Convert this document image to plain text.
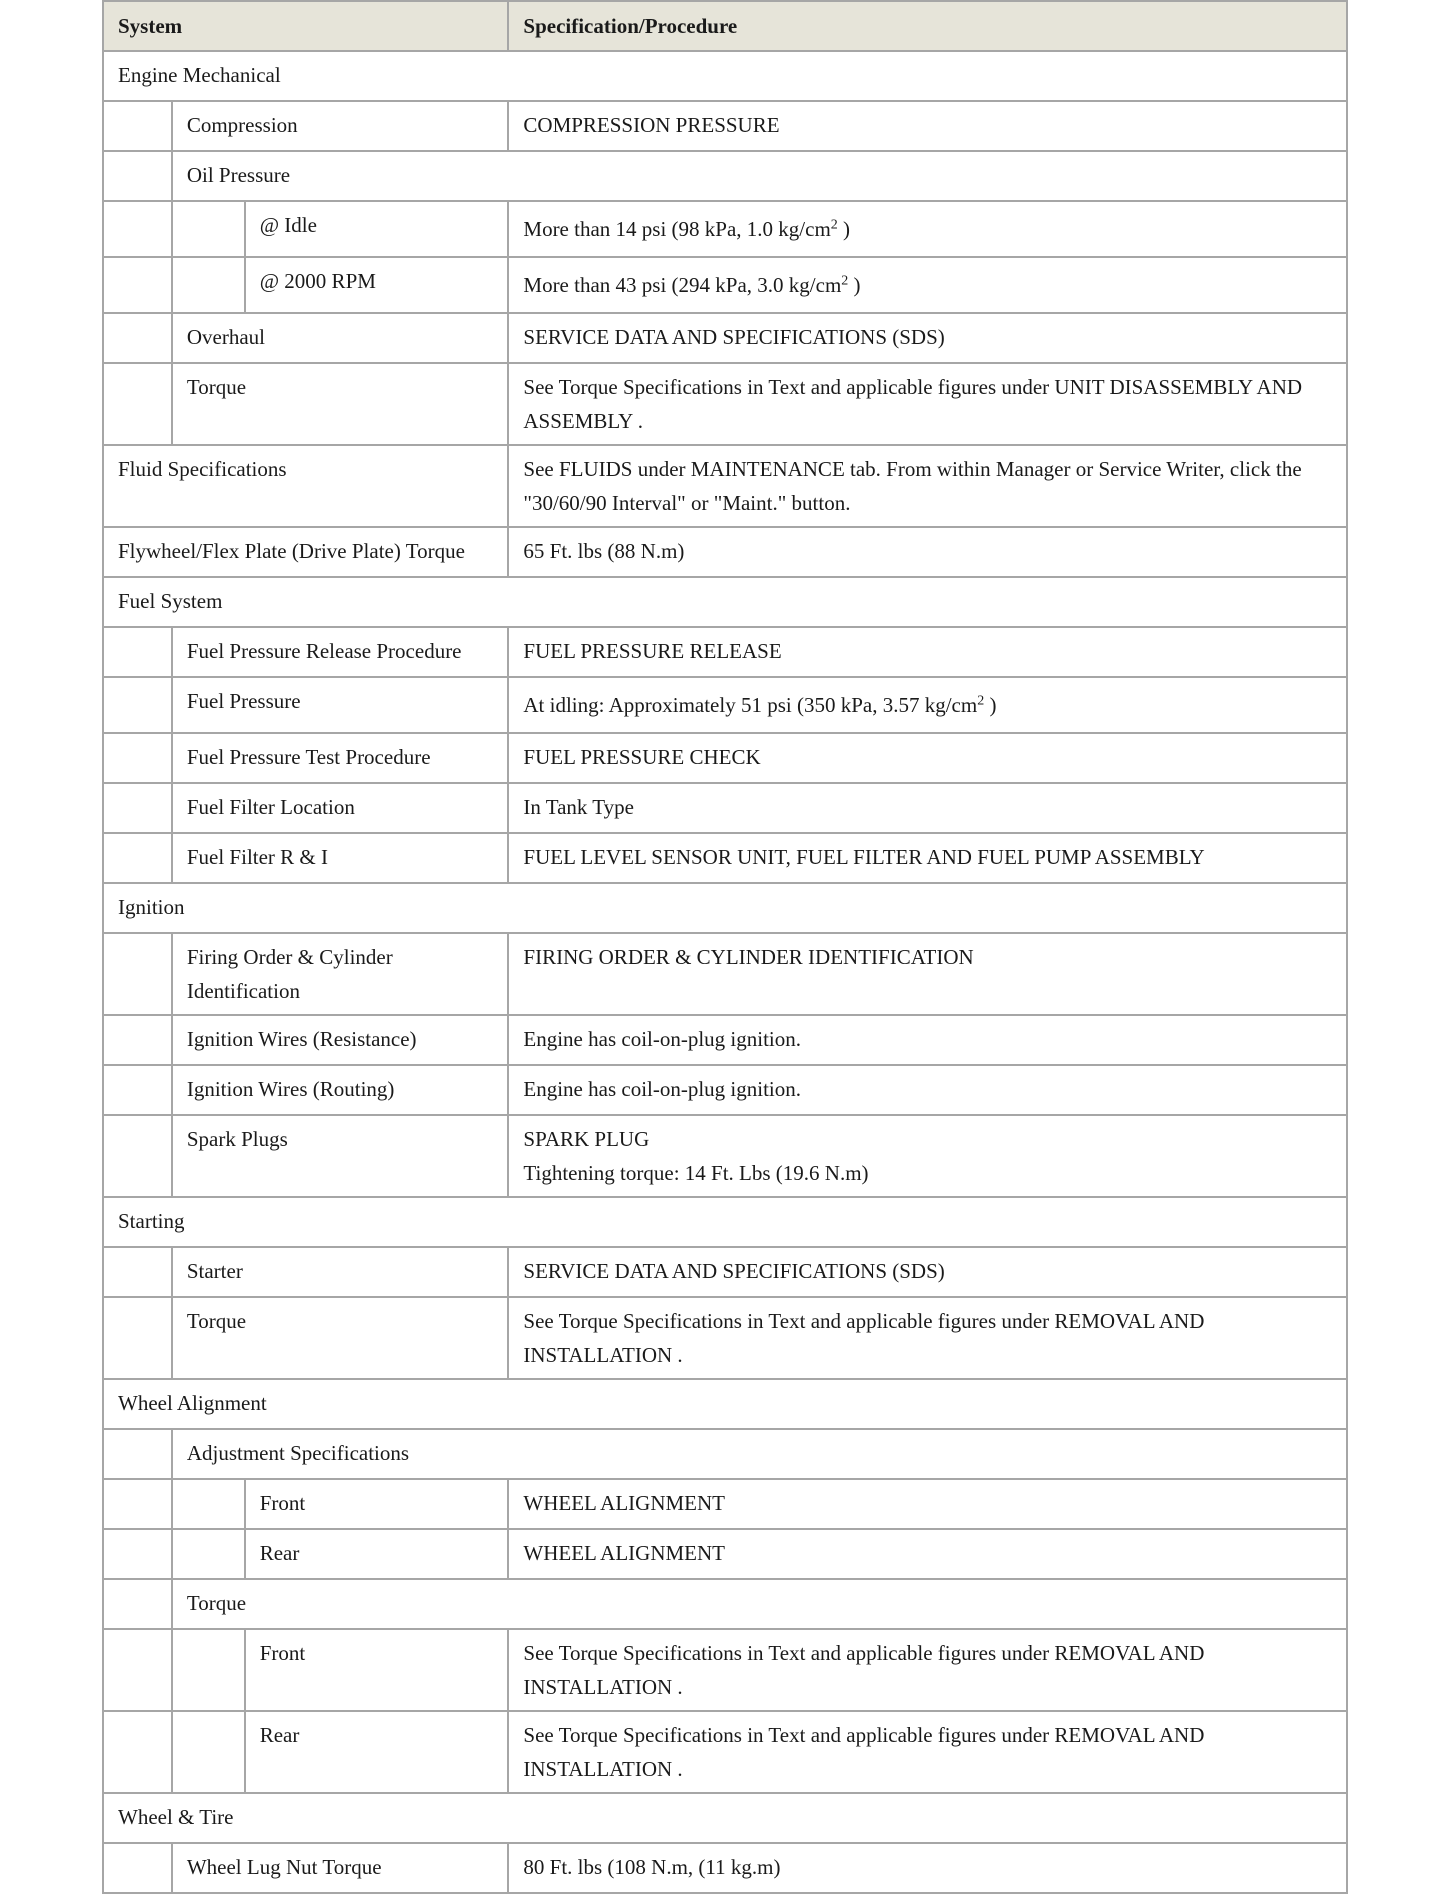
System			Specification/Procedure
Engine Mechanical			
	Compression		COMPRESSION PRESSURE
	Oil Pressure		
		@ Idle	More than 14 psi (98 kPa, 1.0 $kg/cm^2$ )
		@ 2000 RPM	More than 43 psi (294 kPa, 3.0 $kg/cm^2$ )
	Overhaul		SERVICE DATA AND SPECIFICATIONS (SDS)
	Torque		See Torque Specifications in Text and applicable figures under UNIT DISASSEMBLY AND ASSEMBLY .
Fluid Specifications			See FLUIDS under MAINTENANCE tab. From within Manager or Service Writer, click the "30/60/90 Interval" or "Maint." button.
Flywheel/Flex Plate (Drive Plate) Torque			65 Ft. lbs (88 N.m)
Fuel System			
	Fuel Pressure Release Procedure		FUEL PRESSURE RELEASE
	Fuel Pressure		At idling: Approximately 51 psi (350 kPa, 3.57 $kg/cm^2$ )
	Fuel Pressure Test Procedure		FUEL PRESSURE CHECK
	Fuel Filter Location		In Tank Type
	Fuel Filter R & I		FUEL LEVEL SENSOR UNIT, FUEL FILTER AND FUEL PUMP ASSEMBLY
Ignition			
	Firing Order & Cylinder Identification		FIRING ORDER & CYLINDER IDENTIFICATION
	Ignition Wires (Resistance)		Engine has coil-on-plug ignition.
	Ignition Wires (Routing)		Engine has coil-on-plug ignition.
	Spark Plugs		SPARK PLUG
Tightening torque: 14 Ft. Lbs (19.6 N.m)

Starting			
	Starter		SERVICE DATA AND SPECIFICATIONS (SDS)
	Torque		See Torque Specifications in Text and applicable figures under REMOVAL AND INSTALLATION .
Wheel Alignment			
	Adjustment Specifications		
		Front	WHEEL ALIGNMENT
		Rear	WHEEL ALIGNMENT
	Torque		
		Front	See Torque Specifications in Text and applicable figures under REMOVAL AND INSTALLATION .
		Rear	See Torque Specifications in Text and applicable figures under REMOVAL AND INSTALLATION .
Wheel & Tire			
	Wheel Lug Nut Torque		80 Ft. lbs (108 N.m, (11 kg.m)
